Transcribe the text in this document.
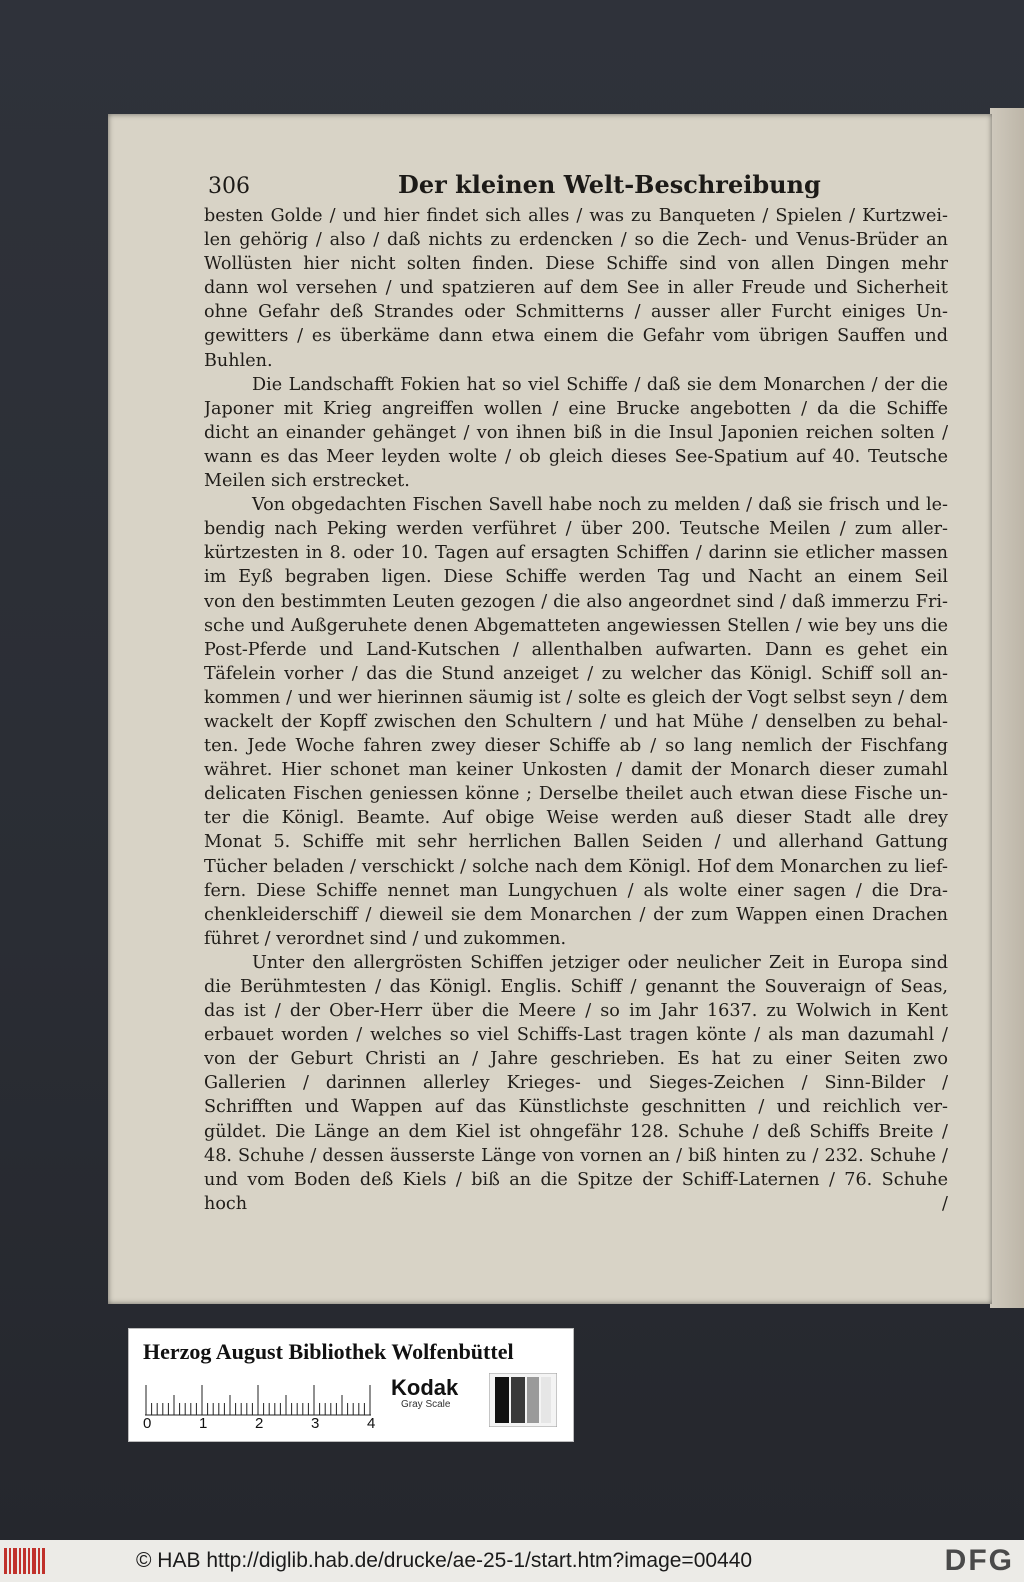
306	Der kleinen Welt-Beschreibung
besten Golde / und hier findet sich alles / was zu Banqueten / Spielen / Kurtzwei-
len gehörig / also / daß nichts zu erdencken / so die Zech- und Venus-Brüder an
Wollüsten hier nicht solten finden. Diese Schiffe sind von allen Dingen mehr
dann wol versehen / und spatzieren auf dem See in aller Freude und Sicherheit
ohne Gefahr deß Strandes oder Schmitterns / ausser aller Furcht einiges Un-
gewitters / es überkäme dann etwa einem die Gefahr vom übrigen Sauffen und
Buhlen.
Die Landschafft Fokien hat so viel Schiffe / daß sie dem Monarchen / der die
Japoner mit Krieg angreiffen wollen / eine Brucke angebotten / da die Schiffe
dicht an einander gehänget / von ihnen biß in die Insul Japonien reichen solten /
wann es das Meer leyden wolte / ob gleich dieses See-Spatium auf 40. Teutsche
Meilen sich erstrecket.
Von obgedachten Fischen Savell habe noch zu melden / daß sie frisch und le-
bendig nach Peking werden verführet / über 200. Teutsche Meilen / zum aller-
kürtzesten in 8. oder 10. Tagen auf ersagten Schiffen / darinn sie etlicher massen
im Eyß begraben ligen. Diese Schiffe werden Tag und Nacht an einem Seil
von den bestimmten Leuten gezogen / die also angeordnet sind / daß immerzu Fri-
sche und Außgeruhete denen Abgematteten angewiessen Stellen / wie bey uns die
Post-Pferde und Land-Kutschen / allenthalben aufwarten. Dann es gehet ein
Täfelein vorher / das die Stund anzeiget / zu welcher das Königl. Schiff soll an-
kommen / und wer hierinnen säumig ist / solte es gleich der Vogt selbst seyn / dem
wackelt der Kopff zwischen den Schultern / und hat Mühe / denselben zu behal-
ten. Jede Woche fahren zwey dieser Schiffe ab / so lang nemlich der Fischfang
währet. Hier schonet man keiner Unkosten / damit der Monarch dieser zumahl
delicaten Fischen geniessen könne ; Derselbe theilet auch etwan diese Fische un-
ter die Königl. Beamte. Auf obige Weise werden auß dieser Stadt alle drey
Monat 5. Schiffe mit sehr herrlichen Ballen Seiden / und allerhand Gattung
Tücher beladen / verschickt / solche nach dem Königl. Hof dem Monarchen zu lief-
fern. Diese Schiffe nennet man Lungychuen / als wolte einer sagen / die Dra-
chenkleiderschiff / dieweil sie dem Monarchen / der zum Wappen einen Drachen
führet / verordnet sind / und zukommen.
Unter den allergrösten Schiffen jetziger oder neulicher Zeit in Europa sind
die Berühmtesten / das Königl. Englis. Schiff / genannt the Souveraign of Seas,
das ist / der Ober-Herr über die Meere / so im Jahr 1637. zu Wolwich in Kent
erbauet worden / welches so viel Schiffs-Last tragen könte / als man dazumahl /
von der Geburt Christi an / Jahre geschrieben. Es hat zu einer Seiten zwo
Gallerien / darinnen allerley Krieges- und Sieges-Zeichen / Sinn-Bilder /
Schrifften und Wappen auf das Künstlichste geschnitten / und reichlich ver-
güldet. Die Länge an dem Kiel ist ohngefähr 128. Schuhe / deß Schiffs Breite /
48. Schuhe / dessen äusserste Länge von vornen an / biß hinten zu / 232. Schuhe /
und vom Boden deß Kiels / biß an die Spitze der Schiff-Laternen / 76. Schuhe
hoch /
Herzog August Bibliothek Wolfenbüttel
0	1	2	3	4
Kodak
Gray Scale
© HAB http://diglib.hab.de/drucke/ae-25-1/start.htm?image=00440	DFG
